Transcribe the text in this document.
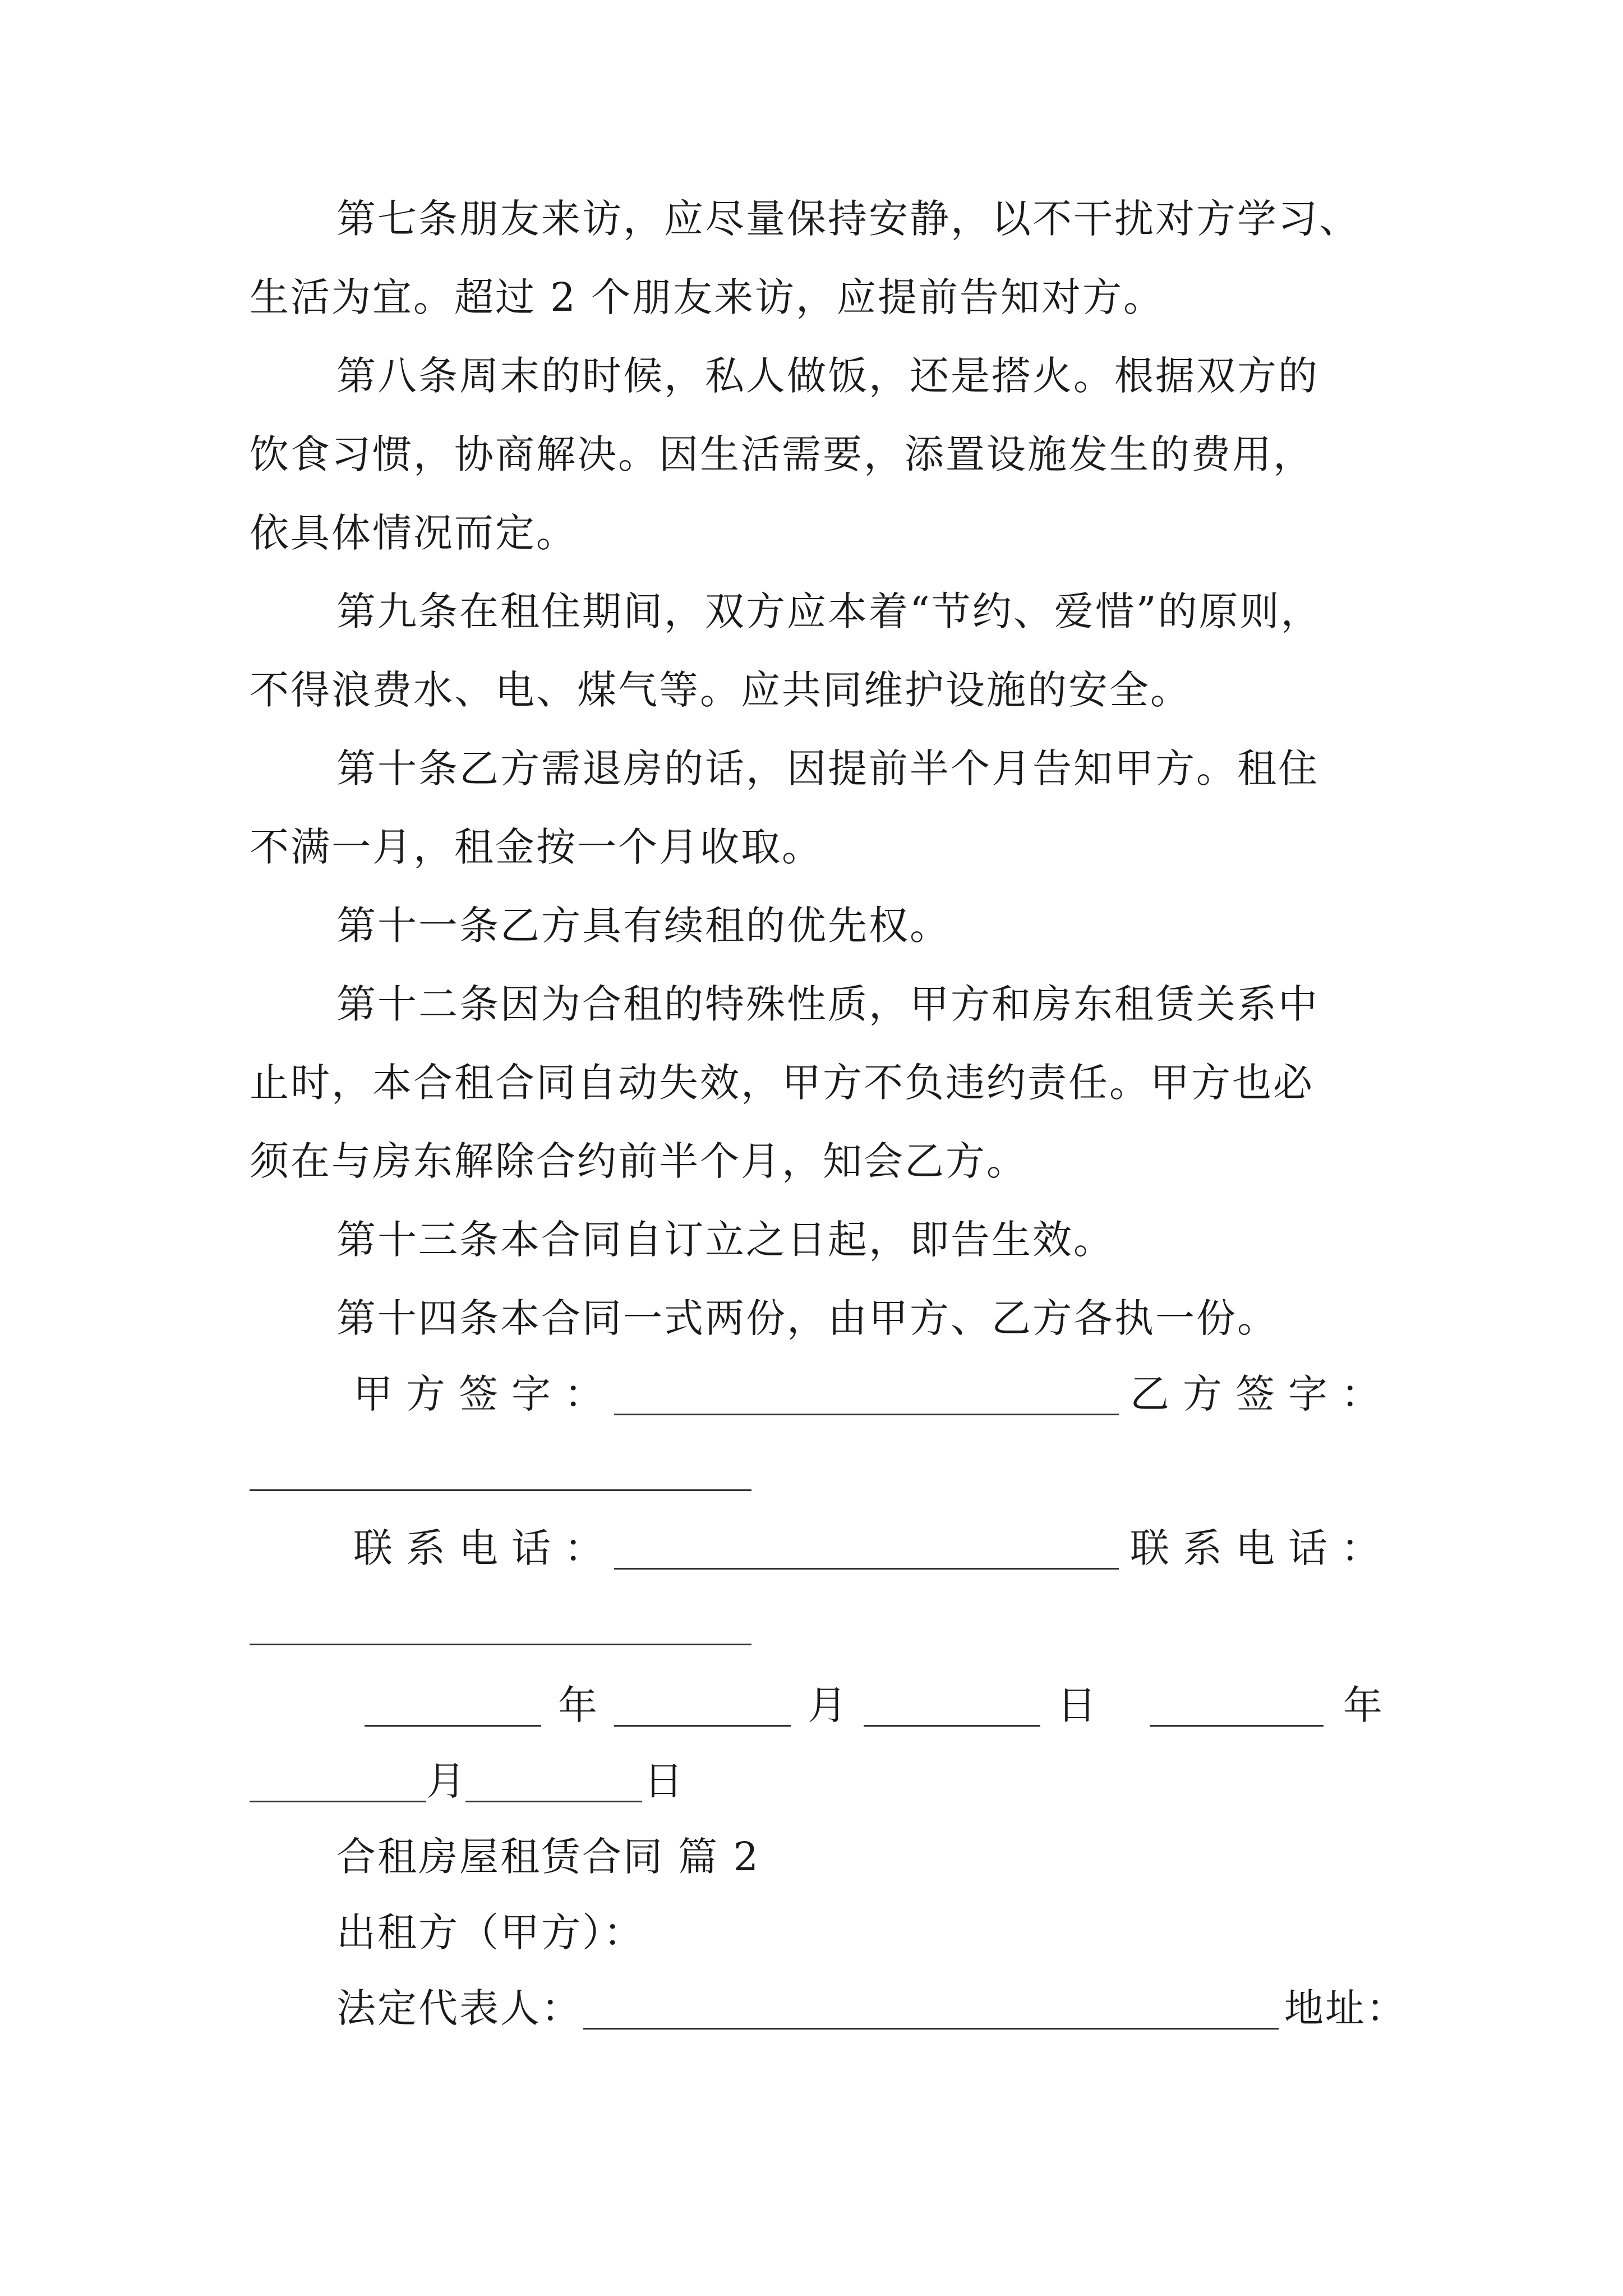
第七条朋友来访，应尽量保持安静，以不干扰对方学习、
生活为宜。超过 2 个朋友来访，应提前告知对方。
第八条周末的时候，私人做饭，还是搭火。根据双方的
饮食习惯，协商解决。因生活需要，添置设施发生的费用，
依具体情况而定。
第九条在租住期间，双方应本着“节约、爱惜”的原则，
不得浪费水、电、煤气等。应共同维护设施的安全。
第十条乙方需退房的话，因提前半个月告知甲方。租住
不满一月，租金按一个月收取。
第十一条乙方具有续租的优先权。
第十二条因为合租的特殊性质，甲方和房东租赁关系中
止时，本合租合同自动失效，甲方不负违约责任。甲方也必
须在与房东解除合约前半个月，知会乙方。
第十三条本合同自订立之日起，即告生效。
第十四条本合同一式两份，由甲方、乙方各执一份。
甲方签字：	乙方签字：
联系电话：	联系电话：
年	月	日	年
月	日
合租房屋租赁合同 篇 2
出租方（甲方）：
法定代表人：	地址：
